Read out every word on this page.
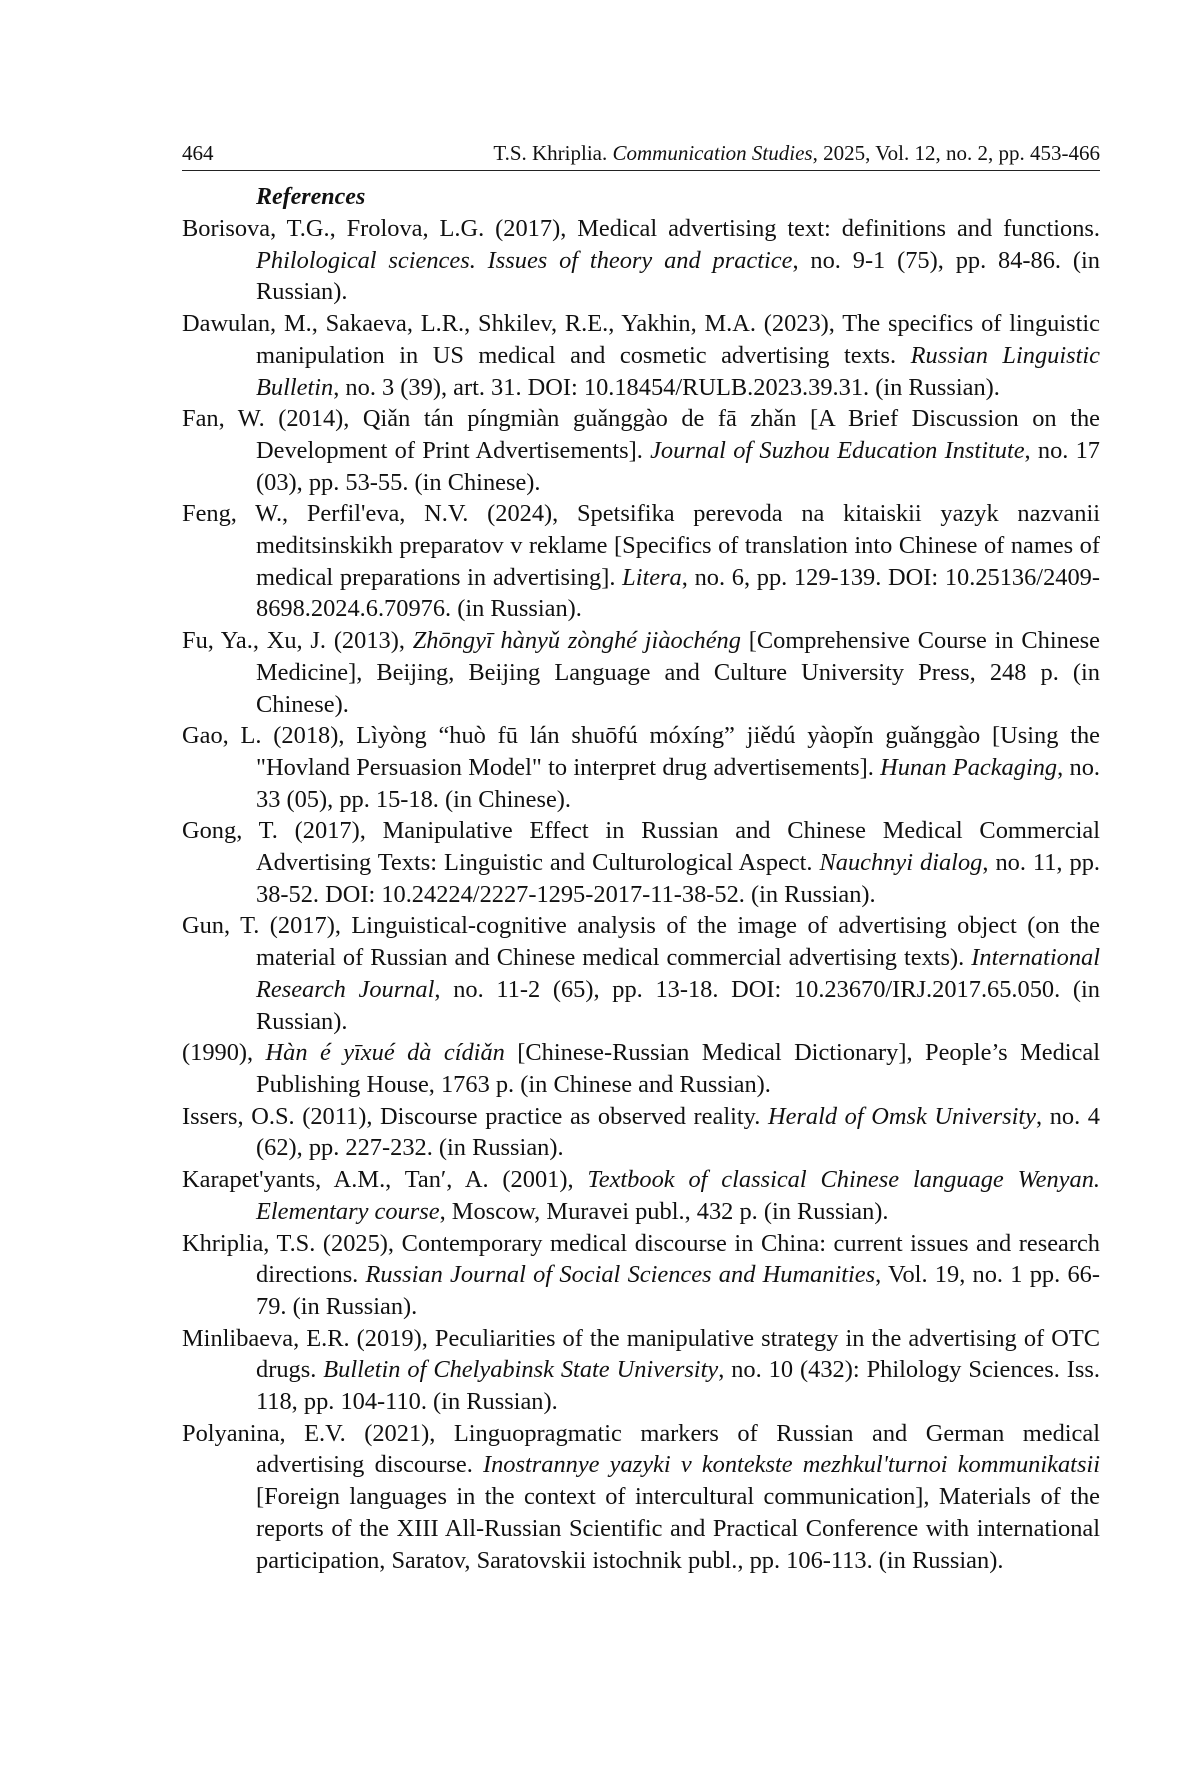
464	T.S. Khriplia. Communication Studies, 2025, Vol. 12, no. 2, pp. 453-466
References
Borisova, T.G., Frolova, L.G. (2017), Medical advertising text: definitions and functions. Philological sciences. Issues of theory and practice, no. 9-1 (75), pp. 84-86. (in Russian).
Dawulan, M., Sakaeva, L.R., Shkilev, R.E., Yakhin, M.A. (2023), The specifics of linguistic manipulation in US medical and cosmetic advertising texts. Russian Linguistic Bulletin, no. 3 (39), art. 31. DOI: 10.18454/RULB.2023.39.31. (in Russian).
Fan, W. (2014), Qiǎn tán píngmiàn guǎnggào de fā zhǎn [A Brief Discussion on the Development of Print Advertisements]. Journal of Suzhou Education Institute, no. 17 (03), pp. 53-55. (in Chinese).
Feng, W., Perfil'eva, N.V. (2024), Spetsifika perevoda na kitaiskii yazyk nazvanii meditsinskikh preparatov v reklame [Specifics of translation into Chinese of names of medical preparations in advertising]. Litera, no. 6, pp. 129-139. DOI: 10.25136/2409-8698.2024.6.70976. (in Russian).
Fu, Ya., Xu, J. (2013), Zhōngyī hànyǔ zònghé jiàochéng [Comprehensive Course in Chinese Medicine], Beijing, Beijing Language and Culture University Press, 248 p. (in Chinese).
Gao, L. (2018), Lìyòng “huò fū lán shuōfú móxíng” jiědú yàopǐn guǎnggào [Using the "Hovland Persuasion Model" to interpret drug advertisements]. Hunan Packaging, no. 33 (05), pp. 15-18. (in Chinese).
Gong, T. (2017), Manipulative Effect in Russian and Chinese Medical Commercial Advertising Texts: Linguistic and Culturological Aspect. Nauchnyi dialog, no. 11, pp. 38-52. DOI: 10.24224/2227-1295-2017-11-38-52. (in Russian).
Gun, T. (2017), Linguistical-cognitive analysis of the image of advertising object (on the material of Russian and Chinese medical commercial advertising texts). International Research Journal, no. 11-2 (65), pp. 13-18. DOI: 10.23670/IRJ.2017.65.050. (in Russian).
(1990), Hàn é yīxué dà cídiǎn [Chinese-Russian Medical Dictionary], People’s Medical Publishing House, 1763 p. (in Chinese and Russian).
Issers, O.S. (2011), Discourse practice as observed reality. Herald of Omsk University, no. 4 (62), pp. 227-232. (in Russian).
Karapet'yants, A.M., Tan′, A. (2001), Textbook of classical Chinese language Wenyan. Elementary course, Moscow, Muravei publ., 432 p. (in Russian).
Khriplia, T.S. (2025), Contemporary medical discourse in China: current issues and research directions. Russian Journal of Social Sciences and Humanities, Vol. 19, no. 1 pp. 66-79. (in Russian).
Minlibaeva, E.R. (2019), Peculiarities of the manipulative strategy in the advertising of OTC drugs. Bulletin of Chelyabinsk State University, no. 10 (432): Philology Sciences. Iss. 118, pp. 104-110. (in Russian).
Polyanina, E.V. (2021), Linguopragmatic markers of Russian and German medical advertising discourse. Inostrannye yazyki v kontekste mezhkul'turnoi kommunikatsii [Foreign languages in the context of intercultural communication], Materials of the reports of the XIII All-Russian Scientific and Practical Conference with international participation, Saratov, Saratovskii istochnik publ., pp. 106-113. (in Russian).
